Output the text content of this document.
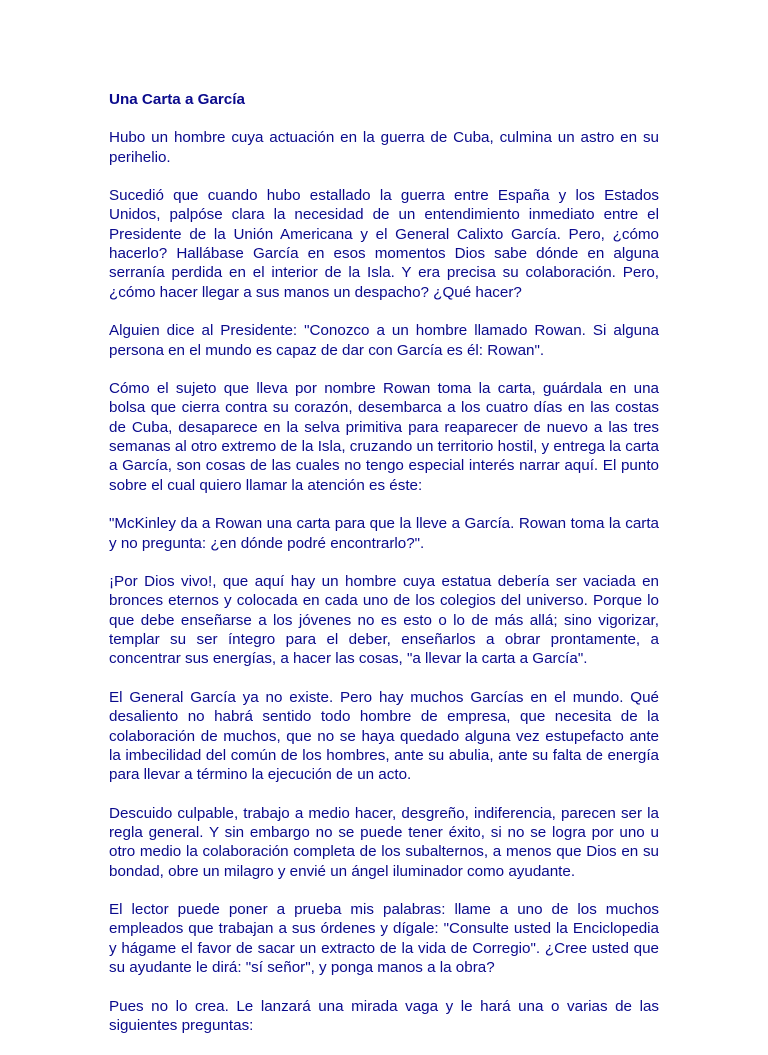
Una Carta a García

Hubo un hombre cuya actuación en la guerra de Cuba, culmina un astro en su perihelio.

Sucedió que cuando hubo estallado la guerra entre España y los Estados Unidos, palpóse clara la necesidad de un entendimiento inmediato entre el Presidente de la Unión Americana y el General Calixto García. Pero, ¿cómo hacerlo? Hallábase García en esos momentos Dios sabe dónde en alguna serranía perdida en el interior de la Isla. Y era precisa su colaboración. Pero, ¿cómo hacer llegar a sus manos un despacho? ¿Qué hacer?

Alguien dice al Presidente: "Conozco a un hombre llamado Rowan. Si alguna persona en el mundo es capaz de dar con García es él: Rowan".

Cómo el sujeto que lleva por nombre Rowan toma la carta, guárdala en una bolsa que cierra contra su corazón, desembarca a los cuatro días en las costas de Cuba, desaparece en la selva primitiva para reaparecer de nuevo a las tres semanas al otro extremo de la Isla, cruzando un territorio hostil, y entrega la carta a García, son cosas de las cuales no tengo especial interés narrar aquí. El punto sobre el cual quiero llamar la atención es éste:

"McKinley da a Rowan una carta para que la lleve a García. Rowan toma la carta y no pregunta: ¿en dónde podré encontrarlo?".

¡Por Dios vivo!, que aquí hay un hombre cuya estatua debería ser vaciada en bronces eternos y colocada en cada uno de los colegios del universo. Porque lo que debe enseñarse a los jóvenes no es esto o lo de más allá; sino vigorizar, templar su ser íntegro para el deber, enseñarlos a obrar prontamente, a concentrar sus energías, a hacer las cosas, "a llevar la carta a García".

El General García ya no existe. Pero hay muchos Garcías en el mundo. Qué desaliento no habrá sentido todo hombre de empresa, que necesita de la colaboración de muchos, que no se haya quedado alguna vez estupefacto ante la imbecilidad del común de los hombres, ante su abulia, ante su falta de energía para llevar a término la ejecución de un acto.

Descuido culpable, trabajo a medio hacer, desgreño, indiferencia, parecen ser la regla general. Y sin embargo no se puede tener éxito, si no se logra por uno u otro medio la colaboración completa de los subalternos, a menos que Dios en su bondad, obre un milagro y envié un ángel iluminador como ayudante.

El lector puede poner a prueba mis palabras: llame a uno de los muchos empleados que trabajan a sus órdenes y dígale: "Consulte usted la Enciclopedia y hágame el favor de sacar un extracto de la vida de Corregio". ¿Cree usted que su ayudante le dirá: "sí señor", y ponga manos a la obra?

Pues no lo crea. Le lanzará una mirada vaga y le hará una o varias de las siguientes preguntas:
